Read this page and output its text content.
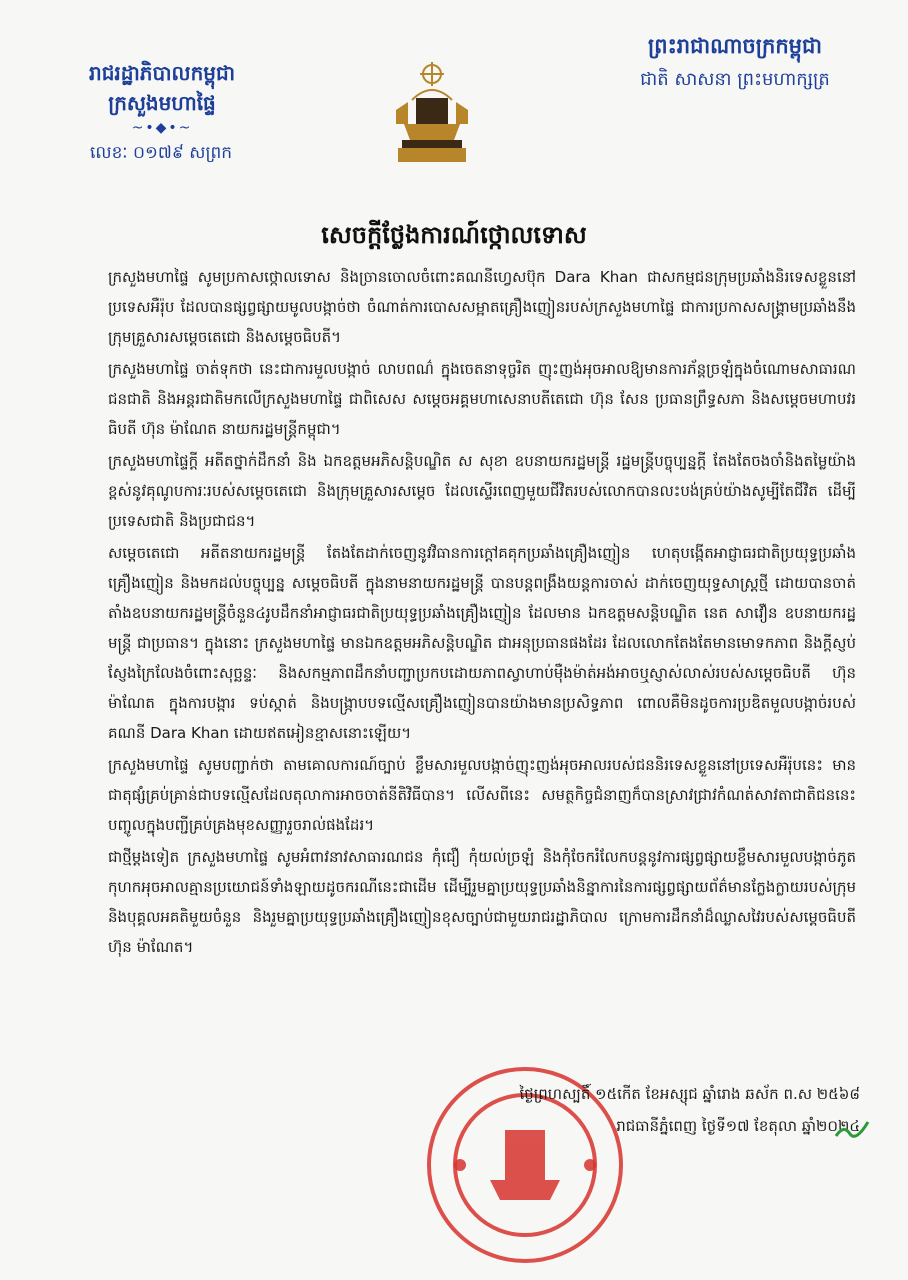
រាជរដ្ឋាភិបាលកម្ពុជា
ក្រសួងមហាផ្ទៃ
~•◆•~
លេខៈ ០១៧៩ សព្រក
ព្រះរាជាណាចក្រកម្ពុជា
ជាតិ សាសនា ព្រះមហាក្សត្រ
សេចក្តីថ្លែងការណ៍ថ្កោលទោស

ក្រសួងមហាផ្ទៃ សូមប្រកាសថ្កោលទោស និងច្រានចោលចំពោះគណនីហ្វេសប៊ុក Dara Khan ជាសកម្មជនក្រុមប្រឆាំងនិរទេសខ្លួននៅប្រទេសអឺរ៉ុប ដែលបានផ្សព្វផ្សាយមូលបង្កាច់ថា ចំណាត់ការបោសសម្អាតគ្រឿងញៀនរបស់ក្រសួងមហាផ្ទៃ ជាការប្រកាសសង្រ្គាមប្រឆាំងនឹងក្រុមគ្រួសារសម្តេចតេជោ និងសម្តេចធិបតី។

ក្រសួងមហាផ្ទៃ ចាត់ទុកថា នេះជាការមួលបង្កាច់ លាបពណ៌ ក្នុងចេតនាទុច្ចរិត ញុះញង់អុចអាលឱ្យមានការភ័ន្តច្រឡំក្នុងចំណោមសាធារណជនជាតិ និងអន្តរជាតិមកលើក្រសួងមហាផ្ទៃ ជាពិសេស សម្តេចអគ្គមហាសេនាបតីតេជោ ហ៊ុន សែន ប្រធានព្រឹទ្ធសភា និងសម្តេចមហាបវរធិបតី ហ៊ុន ម៉ាណែត នាយករដ្ឋមន្ត្រីកម្ពុជា។

ក្រសួងមហាផ្ទៃក្តី អតីតថ្នាក់ដឹកនាំ និង ឯកឧត្តមអភិសន្តិបណ្ឌិត ស សុខា ឧបនាយករដ្ឋមន្ត្រី រដ្ឋមន្ត្រីបច្ចុប្បន្នក្តី តែងតែចងចាំនិងតម្លៃយ៉ាងខ្ពស់នូវគុណូបការៈរបស់សម្តេចតេជោ និងក្រុមគ្រួសារសម្តេច ដែលស្ទើរពេញមួយជីវិតរបស់លោកបានលះបង់គ្រប់យ៉ាងសូម្បីតែជីវិត ដើម្បីប្រទេសជាតិ និងប្រជាជន។

សម្តេចតេជោ អតីតនាយករដ្ឋមន្ត្រី តែងតែដាក់ចេញនូវវិធានការក្តៅគគុកប្រឆាំងគ្រឿងញៀន ហេតុបង្កើតអាជ្ញាធរជាតិប្រយុទ្ធប្រឆាំងគ្រឿងញៀន និងមកដល់បច្ចុប្បន្ន សម្តេចធិបតី ក្នុងនាមនាយករដ្ឋមន្ត្រី បានបន្តពង្រឹងយន្តការចាស់ ដាក់ចេញយុទ្ធសាស្ត្រថ្មី ដោយបានចាត់តាំងឧបនាយករដ្ឋមន្ត្រីចំនួន៤រូបដឹកនាំអាជ្ញាធរជាតិប្រយុទ្ធប្រឆាំងគ្រឿងញៀន ដែលមាន ឯកឧត្តមសន្តិបណ្ឌិត នេត សាវឿន ឧបនាយករដ្ឋមន្ត្រី ជាប្រធាន។ ក្នុងនោះ ក្រសួងមហាផ្ទៃ មានឯកឧត្តមអភិសន្តិបណ្ឌិត ជាអនុប្រធានផងដែរ ដែលលោកតែងតែមានមោទកភាព និងក្តីស្ញប់ស្ញែងក្រៃលែងចំពោះសុច្ឆន្ទៈ និងសកម្មភាពដឹកនាំបញ្ជាប្រកបដោយភាពស្វាហាប់ម៉ឺងម៉ាត់អង់អាចឬស្ញាស់លាស់របស់សម្តេចធិបតី ហ៊ុន ម៉ាណែត ក្នុងការបង្ការ ទប់ស្កាត់ និងបង្ក្រាបបទល្មើសគ្រឿងញៀនបានយ៉ាងមានប្រសិទ្ធភាព ពោលគឺមិនដូចការប្រឌិតមួលបង្កាច់របស់គណនី Dara Khan ដោយឥតអៀនខ្មាសនោះឡើយ។

ក្រសួងមហាផ្ទៃ សូមបញ្ជាក់ថា តាមគោលការណ៍ច្បាប់ ខ្លឹមសារមួលបង្កាច់ញុះញង់អុចអាលរបស់ជននិរទេសខ្លួននៅប្រទេសអឺរ៉ុបនេះ មានជាតុផ្សំគ្រប់គ្រាន់ជាបទល្មើសដែលតុលាការអាចចាត់នីតិវិធីបាន។ លើសពីនេះ សមត្ថកិច្ចជំនាញក៏បានស្រាវជ្រាវកំណត់សាវតាជាតិជននេះបញ្ចូលក្នុងបញ្ជីគ្រប់គ្រងមុខសញ្ញារួចរាល់ផងដែរ។

ជាថ្មីម្តងទៀត ក្រសួងមហាផ្ទៃ សូមអំពាវនាវសាធារណជន កុំជឿ កុំយល់ច្រឡំ និងកុំចែករំលែកបន្តនូវការផ្សព្វផ្សាយខ្លឹមសារមួលបង្កាច់ភូតកុហកអុចអាលគ្មានប្រយោជន៍ទាំងឡាយដូចករណីនេះជាដើម ដើម្បីរួមគ្នាប្រយុទ្ធប្រឆាំងនិន្នាការនៃការផ្សព្វផ្សាយព័ត៌មានក្លែងក្លាយរបស់ក្រុមនិងបុគ្គលអគតិមួយចំនួន និងរួមគ្នាប្រយុទ្ធប្រឆាំងគ្រឿងញៀនខុសច្បាប់ជាមួយរាជរដ្ឋាភិបាល ក្រោមការដឹកនាំដ៏ឈ្លាសវៃរបស់សម្តេចធិបតី ហ៊ុន ម៉ាណែត។

ថ្ងៃព្រហស្បតិ៍ ១៥កើត ខែអស្សុជ ឆ្នាំរោង ឆស័ក ព.ស ២៥៦៨
រាជធានីភ្នំពេញ ថ្ងៃទី១៧ ខែតុលា ឆ្នាំ២០២៤
